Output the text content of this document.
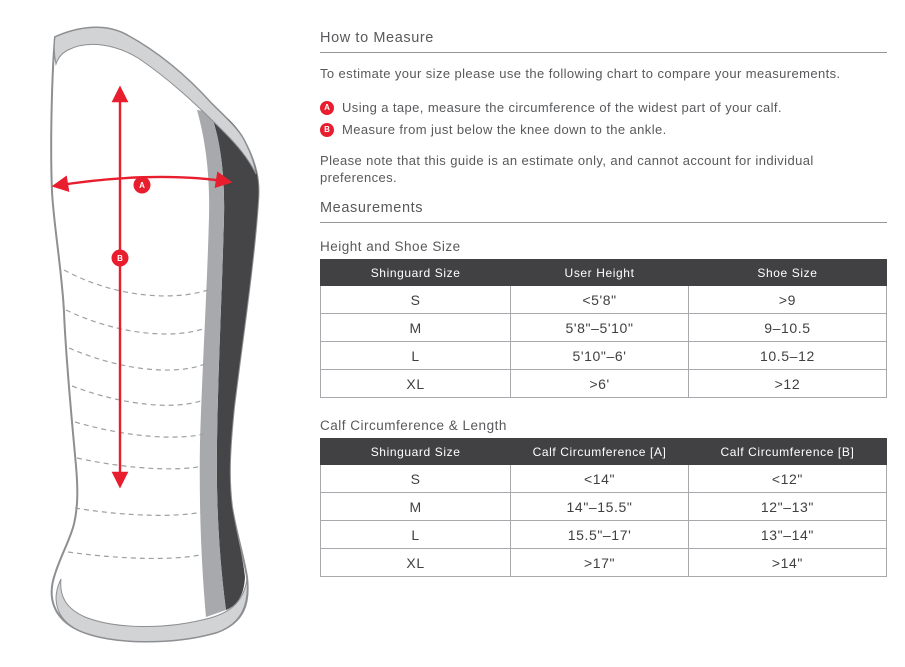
A
B
How to Measure

To estimate your size please use the following chart to compare your measurements.

A Using a tape, measure the circumference of the widest part of your calf.
B Measure from just below the knee down to the ankle.

Please note that this guide is an estimate only, and cannot account for individual preferences.

Measurements
Height and Shoe Size
Shinguard Size	User Height	Shoe Size
S	<5'8"	>9
M	5'8"–5'10"	9–10.5
L	5'10"–6'	10.5–12
XL	>6'	>12
Calf Circumference & Length
Shinguard Size	Calf Circumference [A]	Calf Circumference [B]
S	<14"	<12"
M	14"–15.5"	12"–13"
L	15.5"–17'	13"–14"
XL	>17"	>14"
